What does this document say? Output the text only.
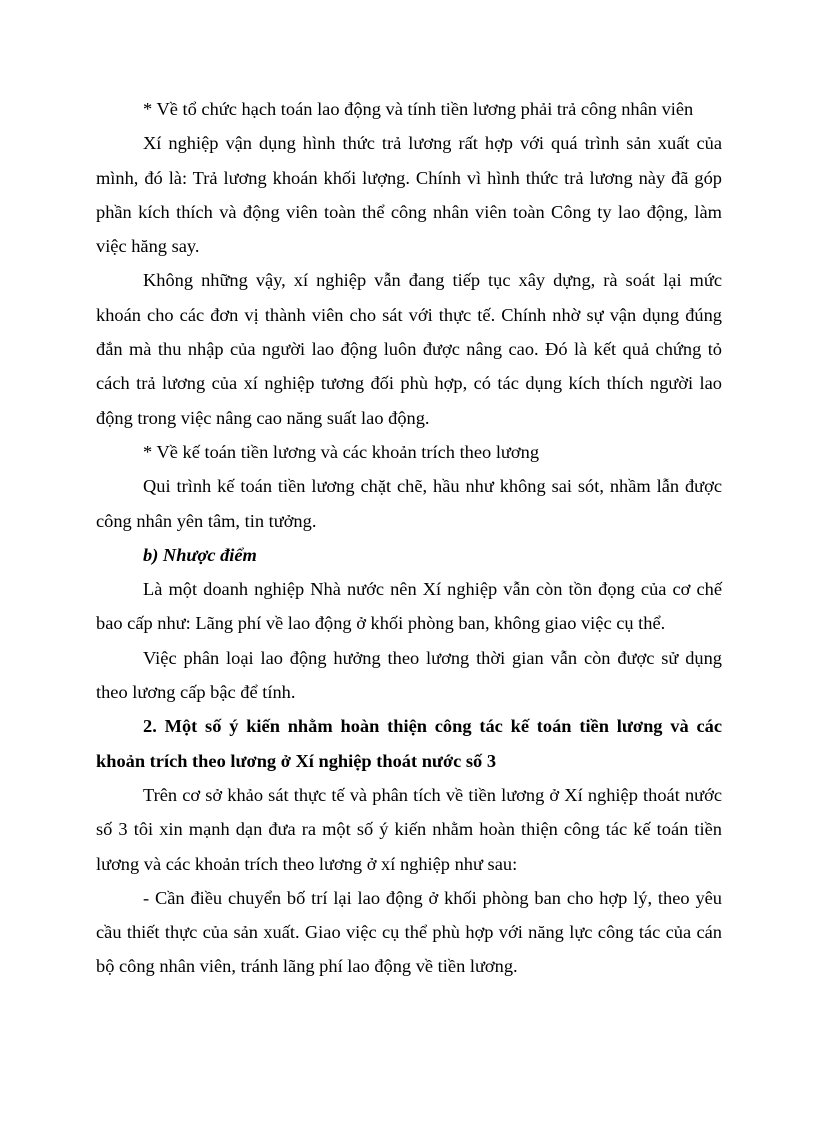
* Về tổ chức hạch toán lao động và tính tiền lương phải trả công nhân viên

Xí nghiệp vận dụng hình thức trả lương rất hợp với quá trình sản xuất của mình, đó là: Trả lương khoán khối lượng. Chính vì hình thức trả lương này đã góp phần kích thích và động viên toàn thể công nhân viên toàn Công ty lao động, làm việc hăng say.

Không những vậy, xí nghiệp vẫn đang tiếp tục xây dựng, rà soát lại mức khoán cho các đơn vị thành viên cho sát với thực tế. Chính nhờ sự vận dụng đúng đắn mà thu nhập của người lao động luôn được nâng cao. Đó là kết quả chứng tỏ cách trả lương của xí nghiệp tương đối phù hợp, có tác dụng kích thích người lao động trong việc nâng cao năng suất lao động.

* Về kế toán tiền lương và các khoản trích theo lương

Qui trình kế toán tiền lương chặt chẽ, hầu như không sai sót, nhầm lẫn được công nhân yên tâm, tin tưởng.

b) Nhược điểm

Là một doanh nghiệp Nhà nước nên Xí nghiệp vẫn còn tồn đọng của cơ chế bao cấp như: Lãng phí về lao động ở khối phòng ban, không giao việc cụ thể.

Việc phân loại lao động hưởng theo lương thời gian vẫn còn được sử dụng theo lương cấp bậc để tính.

2. Một số ý kiến nhằm hoàn thiện công tác kế toán tiền lương và các khoản trích theo lương ở Xí nghiệp thoát nước số 3

Trên cơ sở khảo sát thực tế và phân tích về tiền lương ở Xí nghiệp thoát nước số 3 tôi xin mạnh dạn đưa ra một số ý kiến nhằm hoàn thiện công tác kế toán tiền lương và các khoản trích theo lương ở xí nghiệp như sau:

- Cần điều chuyển bố trí lại lao động ở khối phòng ban cho hợp lý, theo yêu cầu thiết thực của sản xuất. Giao việc cụ thể phù hợp với năng lực công tác của cán bộ công nhân viên, tránh lãng phí lao động về tiền lương.
